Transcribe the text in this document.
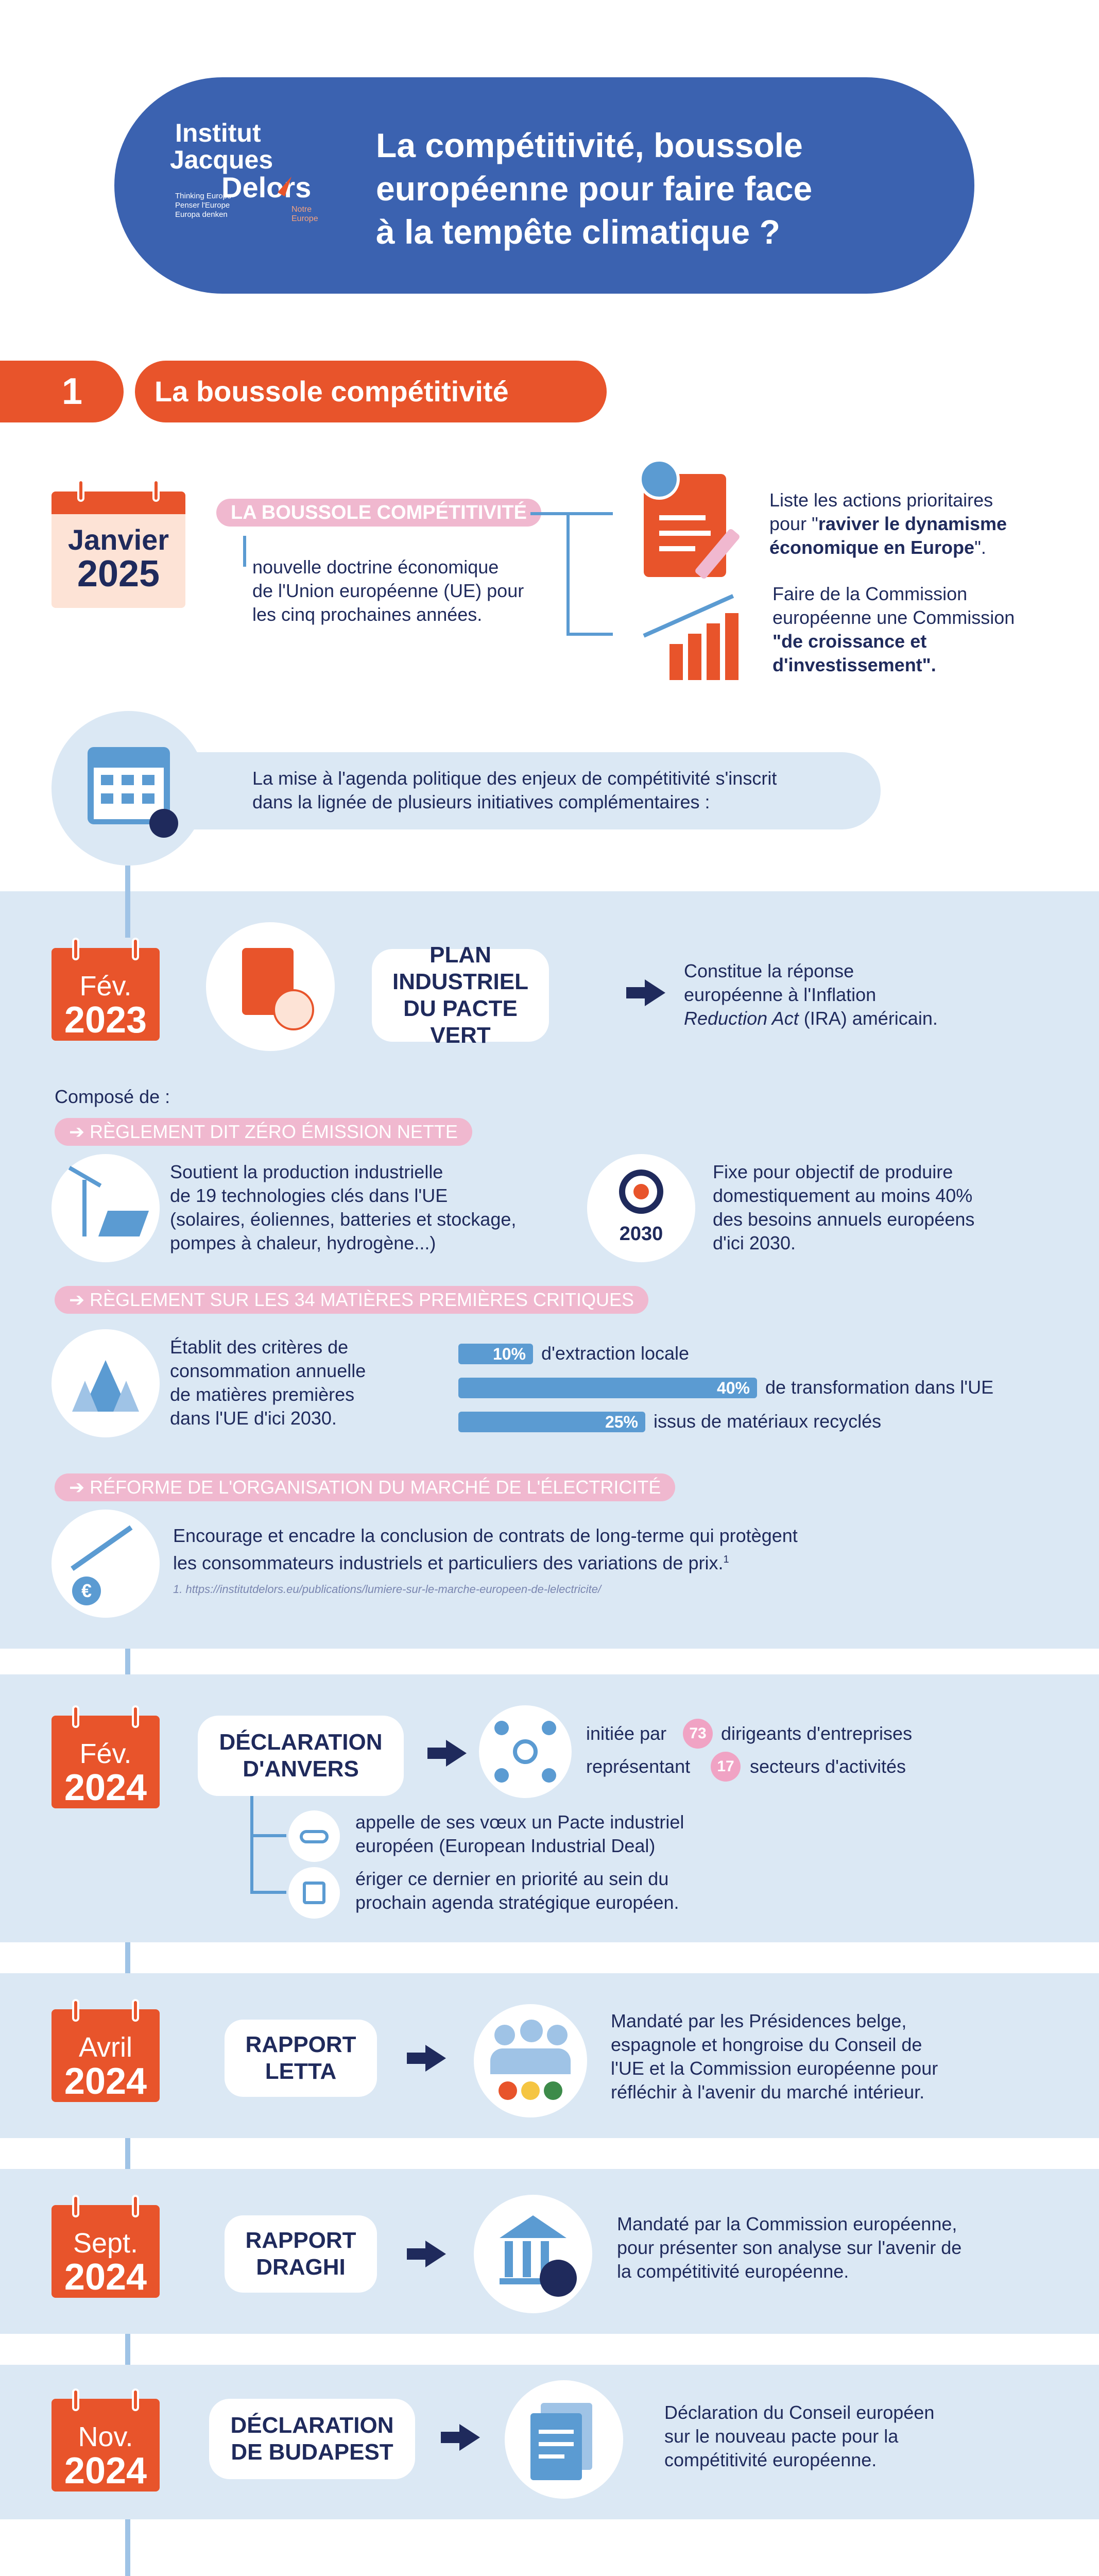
Institut
Jacques
Thinking Europe
Penser l'Europe
Europa denken
Delors
Notre
Europe
La compétitivité, boussole
européenne pour faire face
à la tempête climatique ?
1 La boussole compétitivité
Janvier
2025
LA BOUSSOLE COMPÉTITIVITÉ
nouvelle doctrine économique
de l'Union européenne (UE) pour
les cinq prochaines années.
Liste les actions prioritaires
pour "raviver le dynamisme
économique en Europe".
Faire de la Commission
européenne une Commission
"de croissance et
d'investissement".
La mise à l'agenda politique des enjeux de compétitivité s'inscrit
dans la lignée de plusieurs initiatives complémentaires :
Fév.
2023
PLAN INDUSTRIEL
DU PACTE VERT
Constitue la réponse
européenne à l'Inflation
Reduction Act (IRA) américain.
Composé de :
➔ RÈGLEMENT DIT ZÉRO ÉMISSION NETTE
Soutient la production industrielle
de 19 technologies clés dans l'UE
(solaires, éoliennes, batteries et stockage,
pompes à chaleur, hydrogène...)	2030
Fixe pour objectif de produire
domestiquement au moins 40%
des besoins annuels européens
d'ici 2030.
➔ RÈGLEMENT SUR LES 34 MATIÈRES PREMIÈRES CRITIQUES
Établit des critères de
consommation annuelle
de matières premières
dans l'UE d'ici 2030.
10% d'extraction locale
40% de transformation dans l'UE
25% issus de matériaux recyclés
➔ RÉFORME DE L'ORGANISATION DU MARCHÉ DE L'ÉLECTRICITÉ
€
Encourage et encadre la conclusion de contrats de long-terme qui protègent
les consommateurs industriels et particuliers des variations de prix.$^1$
1. https://institutdelors.eu/publications/lumiere-sur-le-marche-europeen-de-lelectricite/
Fév.
2024
DÉCLARATION
D'ANVERS
initiée par	73 dirigeants d'entreprises
représentant	17 secteurs d'activités
appelle de ses vœux un Pacte industriel
européen (European Industrial Deal)
ériger ce dernier en priorité au sein du
prochain agenda stratégique européen.
Avril
2024
RAPPORT
LETTA
Mandaté par les Présidences belge,
espagnole et hongroise du Conseil de
l'UE et la Commission européenne pour
réfléchir à l'avenir du marché intérieur.
Sept.
2024
RAPPORT
DRAGHI
Mandaté par la Commission européenne,
pour présenter son analyse sur l'avenir de
la compétitivité européenne.
Nov.
2024
DÉCLARATION
DE BUDAPEST
Déclaration du Conseil européen
sur le nouveau pacte pour la
compétitivité européenne.
